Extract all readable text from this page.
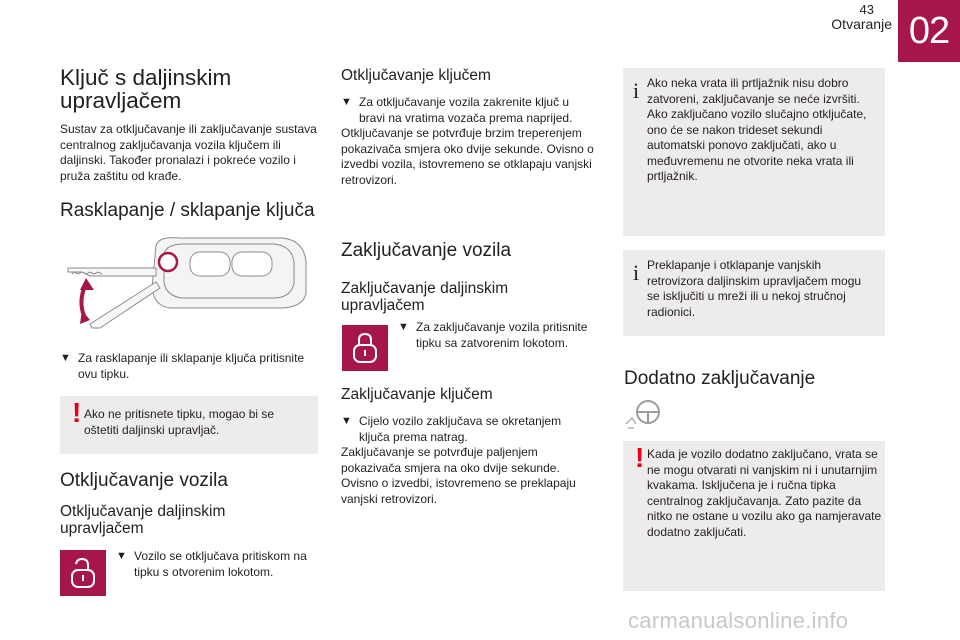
43
Otvaranje 02
Ključ s daljinskim upravljačem
Sustav za otključavanje ili zaključavanje sustava centralnog zaključavanja vozila ključem ili daljinski. Također pronalazi i pokreće vozilo i pruža zaštitu od krađe.
Rasklapanje / sklapanje ključa
▼ Za rasklapanje ili sklapanje ključa pritisnite ovu tipku.
! Ako ne pritisnete tipku, mogao bi se oštetiti daljinski upravljač.
Otključavanje vozila
Otključavanje daljinskim upravljačem
▼ Vozilo se otključava pritiskom na tipku s otvorenim lokotom.
Otključavanje ključem
▼ Za otključavanje vozila zakrenite ključ u bravi na vratima vozača prema naprijed.
Otključavanje se potvrđuje brzim treperenjem pokazivača smjera oko dvije sekunde. Ovisno o izvedbi vozila, istovremeno se otklapaju vanjski retrovizori.
Zaključavanje vozila
Zaključavanje daljinskim upravljačem
▼ Za zaključavanje vozila pritisnite tipku sa zatvorenim lokotom.
Zaključavanje ključem
▼ Cijelo vozilo zaključava se okretanjem ključa prema natrag.
Zaključavanje se potvrđuje paljenjem pokazivača smjera na oko dvije sekunde. Ovisno o izvedbi, istovremeno se preklapaju vanjski retrovizori.
i Ako neka vrata ili prtljažnik nisu dobro zatvoreni, zaključavanje se neće izvršiti. Ako zaključano vozilo slučajno otključate, ono će se nakon trideset sekundi automatski ponovo zaključati, ako u međuvremenu ne otvorite neka vrata ili prtljažnik.
i Preklapanje i otklapanje vanjskih retrovizora daljinskim upravljačem mogu se isključiti u mreži ili u nekoj stručnoj radionici.
Dodatno zaključavanje
! Kada je vozilo dodatno zaključano, vrata se ne mogu otvarati ni vanjskim ni i unutarnjim kvakama. Isključena je i ručna tipka centralnog zaključavanja. Zato pazite da nitko ne ostane u vozilu ako ga namjeravate dodatno zaključati.
carmanualsonline.info
